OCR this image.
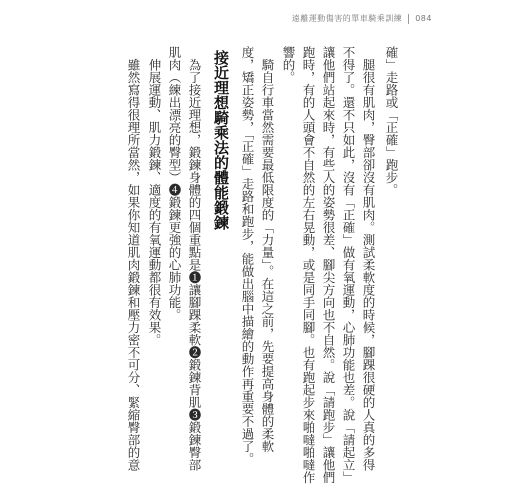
遠離運動傷害的單車騎乘訓練 084
確」走路或「正確」跑步。
　腿很有肌肉，臀部卻沒有肌肉。測試柔軟度的時候，腳踝很硬的人真的多得
不得了。還不只如此，沒有「正確」做有氧運動，心肺功能也差。說「請起立」
讓他們站起來時，有些人的姿勢很差、腳尖方向也不自然。說「請跑步」讓他們
跑時，有的人頭會不自然的左右晃動，或是同手同腳。也有跑起步來啪噠啪噠作
響的。
　騎自行車當然需要最低限度的「力量」。在這之前，先要提高身體的柔軟
度，矯正姿勢，「正確」走路和跑步，能做出腦中描繪的動作再重要不過了。
接近理想騎乘法的體能鍛鍊
　為了接近理想，鍛鍊身體的四個重點是❶讓腳踝柔軟❷鍛鍊背肌❸鍛鍊臀部
肌肉（練出漂亮的臀型）❹鍛鍊更強的心肺功能。
　伸展運動、肌力鍛鍊、適度的有氧運動都很有效果。
　雖然寫得很理所當然，如果你知道肌肉鍛鍊和壓力密不可分、緊縮臀部的意
